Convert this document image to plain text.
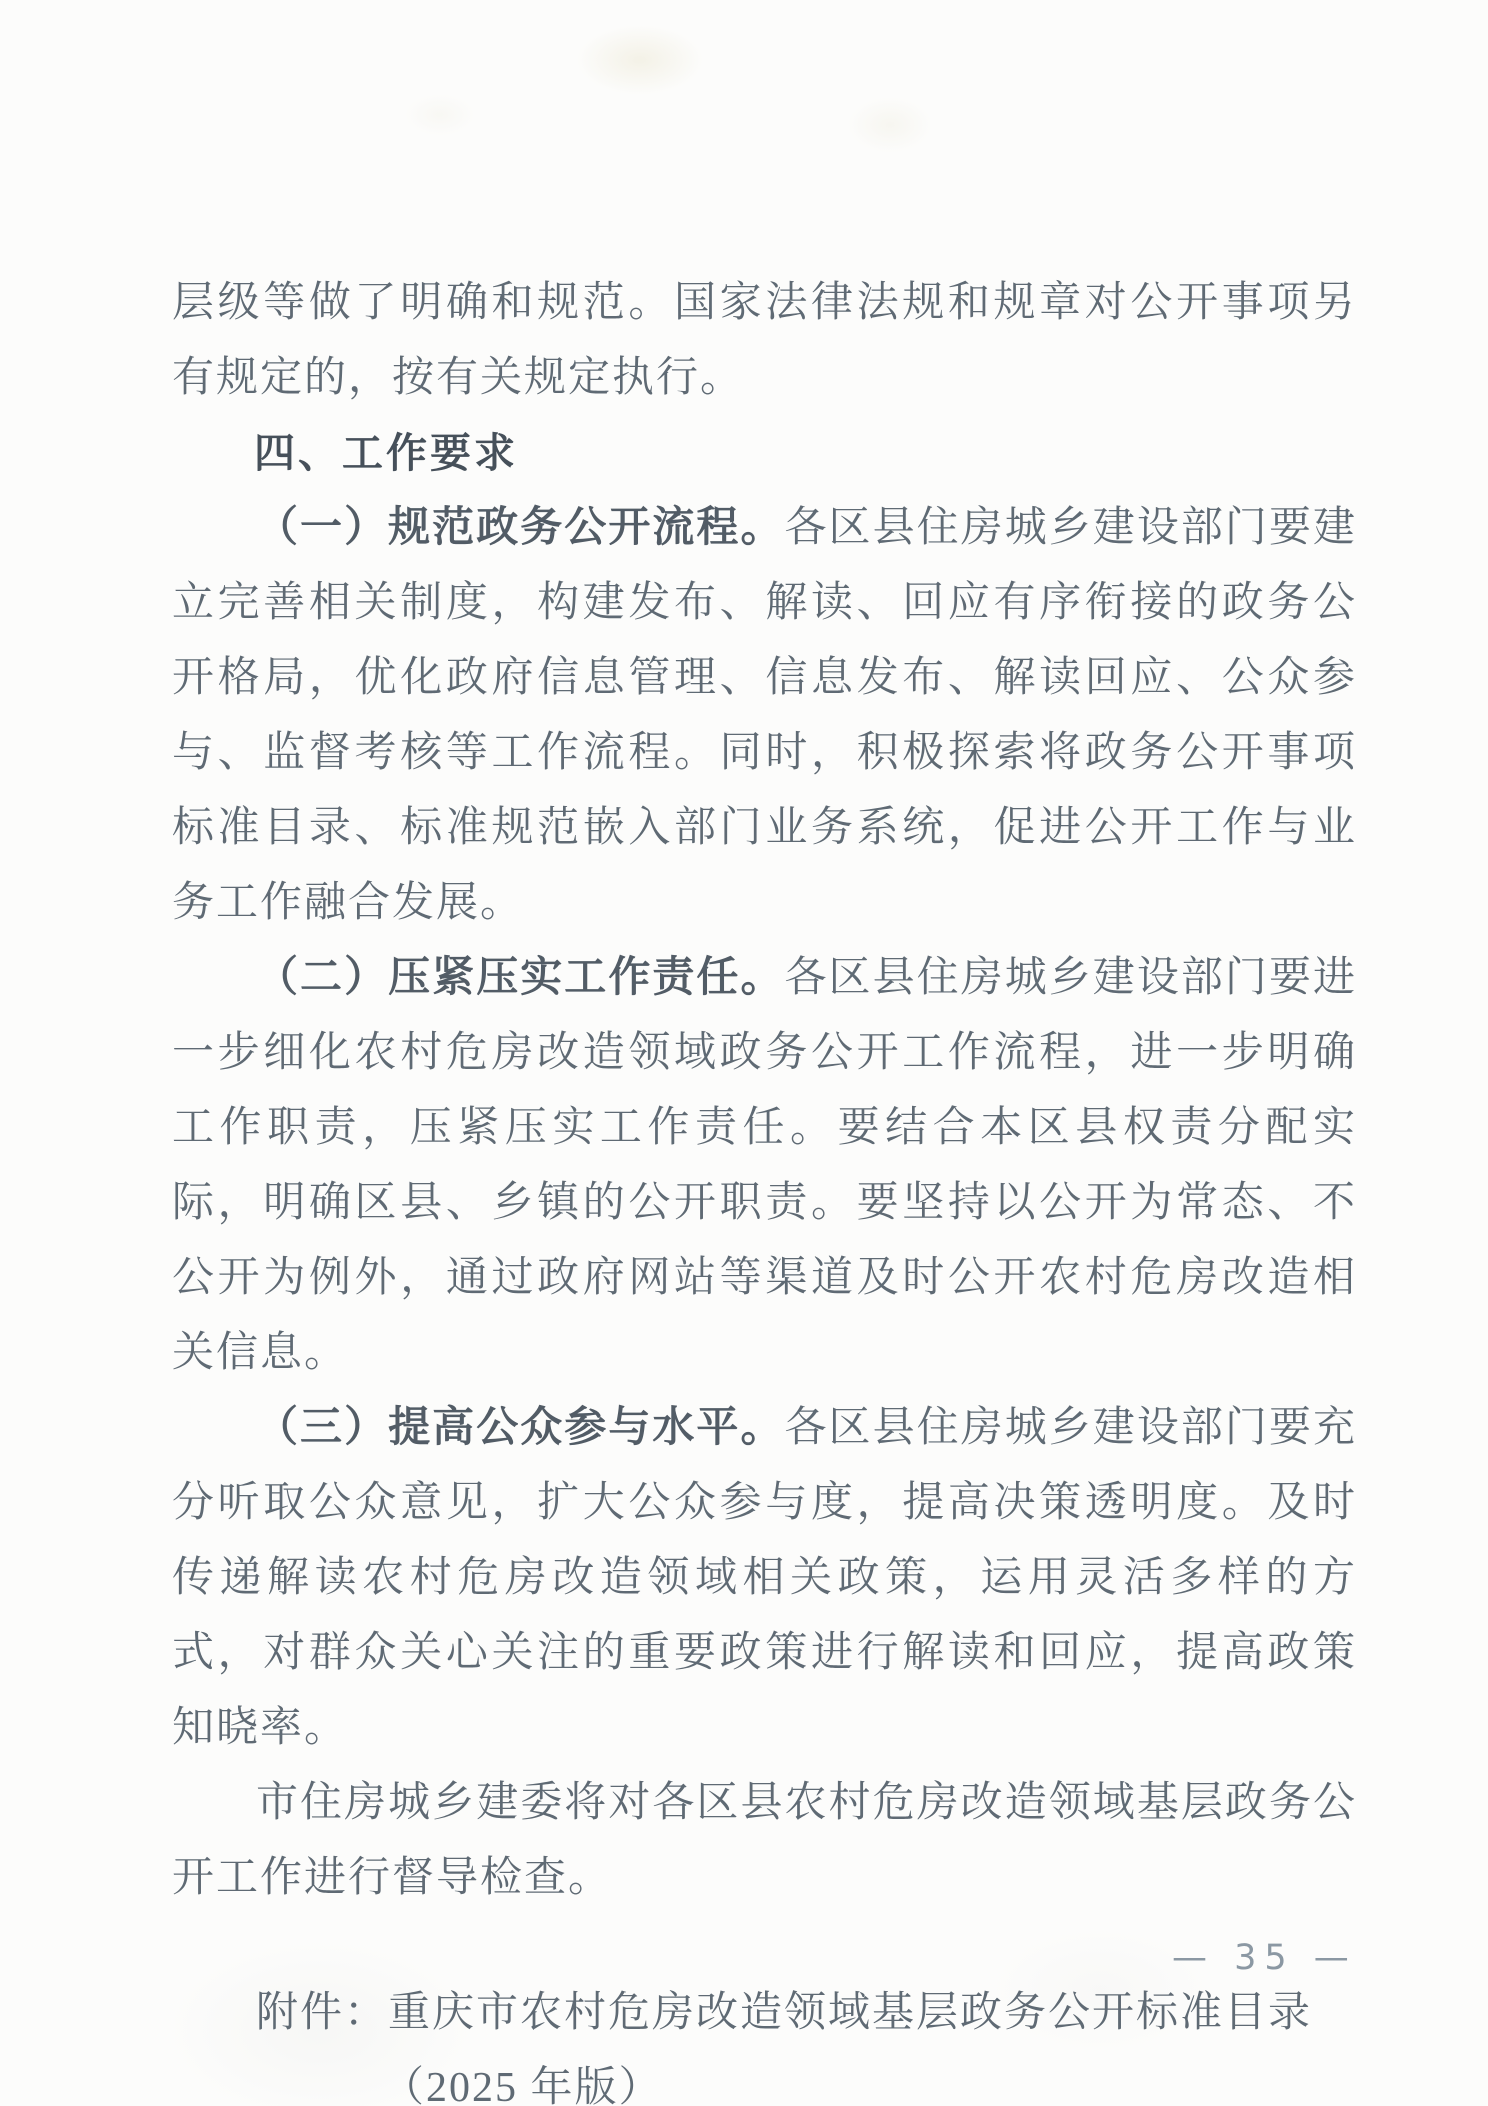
层级等做了明确和规范。国家法律法规和规章对公开事项另有规定的，按有关规定执行。

四、工作要求

（一）规范政务公开流程。各区县住房城乡建设部门要建立完善相关制度，构建发布、解读、回应有序衔接的政务公开格局，优化政府信息管理、信息发布、解读回应、公众参与、监督考核等工作流程。同时，积极探索将政务公开事项标准目录、标准规范嵌入部门业务系统，促进公开工作与业务工作融合发展。

（二）压紧压实工作责任。各区县住房城乡建设部门要进一步细化农村危房改造领域政务公开工作流程，进一步明确工作职责，压紧压实工作责任。要结合本区县权责分配实际，明确区县、乡镇的公开职责。要坚持以公开为常态、不公开为例外，通过政府网站等渠道及时公开农村危房改造相关信息。

（三）提高公众参与水平。各区县住房城乡建设部门要充分听取公众意见，扩大公众参与度，提高决策透明度。及时传递解读农村危房改造领域相关政策，运用灵活多样的方式，对群众关心关注的重要政策进行解读和回应，提高政策知晓率。

市住房城乡建委将对各区县农村危房改造领域基层政务公开工作进行督导检查。

附件：重庆市农村危房改造领域基层政务公开标准目录

（2025 年版）

— 35 —
